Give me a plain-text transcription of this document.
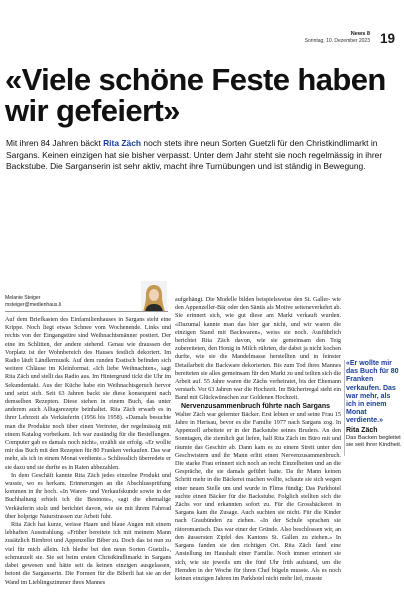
News 8
Sonntag, 10. Dezember 2023 19
«Viele schöne Feste haben wir gefeiert»

Mit ihren 84 Jahren bäckt Rita Zäch noch stets ihre neun Sorten Guetzli für den Christkindlimarkt in Sargans. Keinen einzigen hat sie bisher verpasst. Unter dem Jahr steht sie noch regelmässig in ihrer Backstube. Die Sarganserin ist sehr aktiv, macht ihre Turnübungen und ist ständig in Bewegung.

Melanie Steiger
msteiger@medienhaus.li

Auf dem Briefkasten des Einfamilienhauses in Sargans steht eine Krippe. Noch liegt etwas Schnee vom Wochenende. Links und rechts von der Eingangstüre sind Weihnachtsmänner postiert. Der eine im Schlitten, der andere stehend. Genau wie draussen der Vorplatz ist der Wohnbereich des Hauses festlich dekoriert. Im Radio läuft Ländlermusik. Auf dem runden Esstisch befinden sich weitere Chläuse im Kleinformat. «Ich liebe Weihnachten», sagt Rita Zäch und stellt das Radio aus. Im Hintergrund tickt die Uhr im Sekundentakt. Aus der Küche habe ein Weihnachtsgeruch hervor und setzt sich. Seit 63 Jahren backt sie diese konsequent nach demselben Rezepten. Diese stehen in einem Buch, das unter anderem auch Alltagsrezepte beinhaltet. Rita Zäch erwarb es in ihrer Lehrzeit als Verkäuferin (1956 bis 1958). «Damals besuchte man die Produkte noch über einen Vertreter, der regelmässig mit einem Katalog vorbeikam. Ich war zuständig für die Bestellungen. Computer gab es damals noch nicht», erzählt sie erfolg. «Er wollte mir das Buch mit den Rezepten für 80 Franken verkaufen. Das war mehr, als ich in einem Monat verdiente.» Schliesslich überredete er sie dazu und sie durfte es in Raten abbezahlen.

In dem Geschäft kannte Rita Zäch jedes einzelne Produkt und wusste, wo es herkam. Erinnerungen an die Abschlussprüfung kommen in ihr hoch. «In Waren- und Verkaufskunde sowie in der Buchhaltung erhielt ich die Bestnote», sagt die ehemalige Verkäuferin stolz und berichtet davon, wie sie mit ihrem Fahrrad über holprige Naturstrassen zur Arbeit fuhr.

Rita Zäch hat kurze, weisse Haare und blaue Augen mit einem lebhaften Ausstrahlung. «Früher bereitete ich mit meinem Mann zusätzlich Birnbrot und Appenzeller Biber zu. Doch das ist nun zu viel für mich allein. Ich bleibe bei den neun Sorten Guetzli», schmunzelt sie. Sie sei beim ersten Christkindlimarkt in Sargans dabei gewesen und hätte seit da keinen einzigen ausgelassen, betont die Sarganserin. Die Formen für die Biberli hat sie an der Wand im Lieblingszimmer ihres Mannes

aufgehängt. Die Modelle bilden beispielsweise den St. Galler- wie den Appenzeller-Bär oder den Säntis als Motive seiteneverkehrt ab. Sie erinnert sich, wie gut diese am Markt verkauft wurden. «Dazumal kannte man das hier gar nicht, und wir waren die einzigen Stand mit Backwaren», weiss sie noch. Ausführlich berichtet Rita Zäch davon, wie sie gemeinsam den Teig zubereiteten, den Honig in Milch rührten, die dabei ja nicht kochen durfte, wie sie die Mandelmasse herstellten und in feinster Detailarbeit die Backware dekorierten. Bis zum Tod ihres Mannes bereiteten sie alles gemeinsam für den Markt zu und teilten sich die Arbeit auf. 55 Jahre waren die Zächs verheiratet, bis der Ehemann verstarb. Vor 63 Jahren war die Hochzeit. Im Büchertregal steht ein Band mit Glückwünschen zur Goldenen Hochzeit.

Nervenzusammenbruch führte nach Sargans

Walter Zäch war gelernter Bäcker. Erst lebten er und seine Frau 15 Jahre in Herisau, bevor es die Familie 1977 nach Sargans zog. In Appenzell arbeitete er in der Backstube seines Bruders. An den Sonntagen, die ziemlich gut liefen, half Rita Zäch im Büro mit und räumte das Geschirr ab. Dann kam es zu einem Streit unter den Geschwistern und ihr Mann erlitt einen Nervenzusammenbruch. Die starke Frau erinnert sich noch an recht Einzelheiten und an die Gespräche, die sie damals geführt hatte. Da ihr Mann keinen Schritt mehr in die Bäckerei machen wollte, schaute sie sich wegen einer neuen Stelle um und wurde in Flims fündig: Das Parkhotel suchte einen Bäcker für die Backstube. Folglich stellten sich die Zächs vor und erkannten sofort zu. Für die Grossbäckerei in Sargans kam die Zusage. Auch suchten sie nicht. Für die Kinder nach Graubünden zu ziehen. «In der Schule sprachen sie rätoromanisch. Das war einer der Gründe. Also beschlossen wir, an den äussersten Zipfel des Kantons St. Gallen zu ziehen.» In Sargans fanden sie den richtigen Ort. Rita Zäch fand eine Anstellung im Haushalt einer Familie. Noch immer erinnert sie sich, wie sie jeweils um die fünf Uhr früh aufstand, um die Hemden in der Woche für ihren Chef bügeln musste. Als es noch keinen einzigen Jahren im Parkhotel nicht mehr lief, musste

«Er wollte mir das Buch für 80 Franken verkaufen. Das war mehr, als ich in einem Monat verdiente.»

Rita Zäch
Das Backen begleitet sie seit ihrer Kindheit.
